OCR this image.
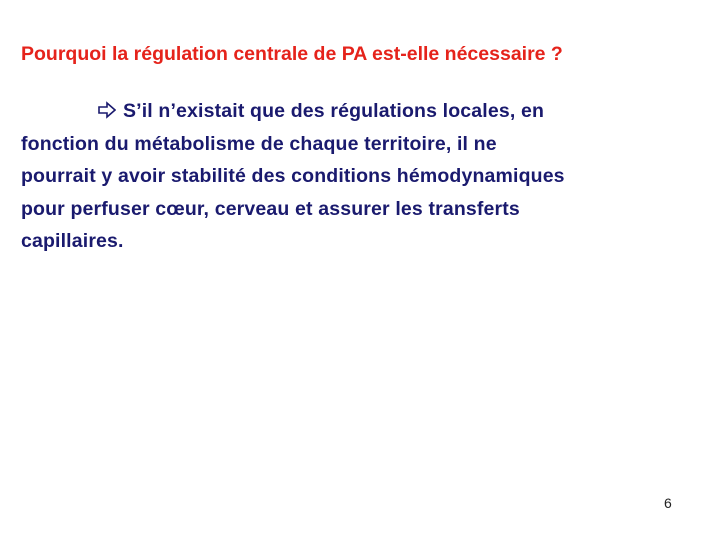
Pourquoi la régulation centrale de PA est-elle nécessaire ?
S’il n’existait que des régulations locales, en
fonction du métabolisme de chaque territoire, il ne
pourrait y avoir stabilité des conditions hémodynamiques
pour perfuser cœur, cerveau et assurer les transferts
capillaires.
6
